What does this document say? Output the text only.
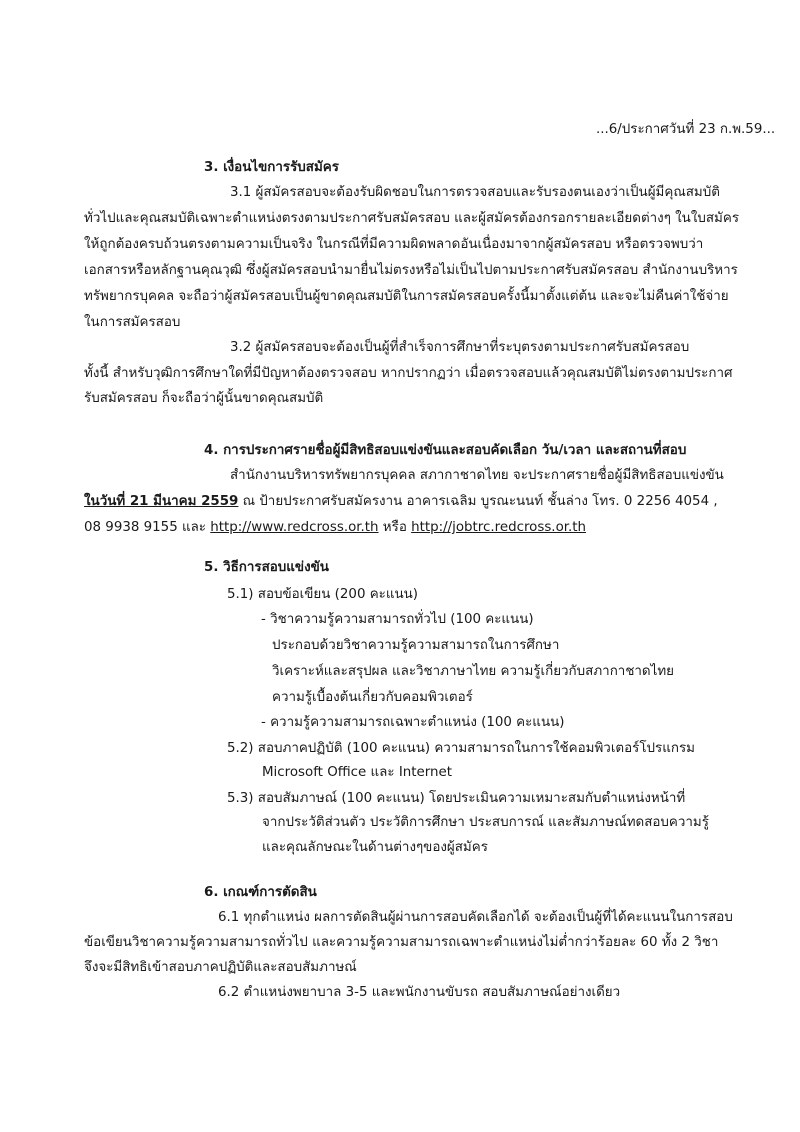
...6/ประกาศวันที่ 23 ก.พ.59...
3. เงื่อนไขการรับสมัคร
3.1 ผู้สมัครสอบจะต้องรับผิดชอบในการตรวจสอบและรับรองตนเองว่าเป็นผู้มีคุณสมบัติ
ทั่วไปและคุณสมบัติเฉพาะตำแหน่งตรงตามประกาศรับสมัครสอบ และผู้สมัครต้องกรอกรายละเอียดต่างๆ ในใบสมัคร
ให้ถูกต้องครบถ้วนตรงตามความเป็นจริง ในกรณีที่มีความผิดพลาดอันเนื่องมาจากผู้สมัครสอบ หรือตรวจพบว่า
เอกสารหรือหลักฐานคุณวุฒิ ซึ่งผู้สมัครสอบนำมายื่นไม่ตรงหรือไม่เป็นไปตามประกาศรับสมัครสอบ สำนักงานบริหาร
ทรัพยากรบุคคล จะถือว่าผู้สมัครสอบเป็นผู้ขาดคุณสมบัติในการสมัครสอบครั้งนี้มาตั้งแต่ต้น และจะไม่คืนค่าใช้จ่าย
ในการสมัครสอบ
3.2 ผู้สมัครสอบจะต้องเป็นผู้ที่สำเร็จการศึกษาที่ระบุตรงตามประกาศรับสมัครสอบ
ทั้งนี้ สำหรับวุฒิการศึกษาใดที่มีปัญหาต้องตรวจสอบ หากปรากฏว่า เมื่อตรวจสอบแล้วคุณสมบัติไม่ตรงตามประกาศ
รับสมัครสอบ ก็จะถือว่าผู้นั้นขาดคุณสมบัติ
4. การประกาศรายชื่อผู้มีสิทธิสอบแข่งขันและสอบคัดเลือก วัน/เวลา และสถานที่สอบ
สำนักงานบริหารทรัพยากรบุคคล สภากาชาดไทย จะประกาศรายชื่อผู้มีสิทธิสอบแข่งขัน
ในวันที่ 21 มีนาคม 2559 ณ ป้ายประกาศรับสมัครงาน อาคารเฉลิม บูรณะนนท์ ชั้นล่าง โทร. 0 2256 4054 ,
08 9938 9155 และ http://www.redcross.or.th หรือ http://jobtrc.redcross.or.th
5. วิธีการสอบแข่งขัน
5.1) สอบข้อเขียน (200 คะแนน)
- วิชาความรู้ความสามารถทั่วไป (100 คะแนน)
ประกอบด้วยวิชาความรู้ความสามารถในการศึกษา
วิเคราะห์และสรุปผล และวิชาภาษาไทย ความรู้เกี่ยวกับสภากาชาดไทย
ความรู้เบื้องต้นเกี่ยวกับคอมพิวเตอร์
- ความรู้ความสามารถเฉพาะตำแหน่ง (100 คะแนน)
5.2) สอบภาคปฏิบัติ (100 คะแนน) ความสามารถในการใช้คอมพิวเตอร์โปรแกรม
Microsoft Office และ Internet
5.3) สอบสัมภาษณ์ (100 คะแนน) โดยประเมินความเหมาะสมกับตำแหน่งหน้าที่
จากประวัติส่วนตัว ประวัติการศึกษา ประสบการณ์ และสัมภาษณ์ทดสอบความรู้
และคุณลักษณะในด้านต่างๆของผู้สมัคร
6. เกณฑ์การตัดสิน
6.1 ทุกตำแหน่ง ผลการตัดสินผู้ผ่านการสอบคัดเลือกได้ จะต้องเป็นผู้ที่ได้คะแนนในการสอบ
ข้อเขียนวิชาความรู้ความสามารถทั่วไป และความรู้ความสามารถเฉพาะตำแหน่งไม่ต่ำกว่าร้อยละ 60 ทั้ง 2 วิชา
จึงจะมีสิทธิเข้าสอบภาคปฏิบัติและสอบสัมภาษณ์
6.2 ตำแหน่งพยาบาล 3-5 และพนักงานขับรถ สอบสัมภาษณ์อย่างเดียว
